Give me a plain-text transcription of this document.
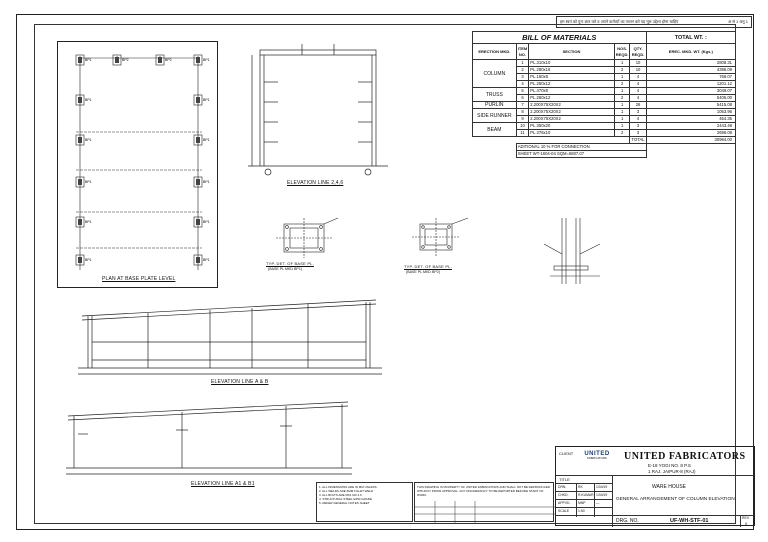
हम स्वयं को पुनः ज्ञात करे व अपने कर्तव्यों का पालन करे यह मूल उद्देश्य होना चाहिए	अ सं 1 अनु 1
BILL OF MATERIALS					TOTAL WT. :
ERECTION MKD.	ITEM NO.	SECTION	NOS. REQD.	QTY. REQD.	EREC. MKD. WT. (Kgs.)
COLUMN	1	PL.310x10	1	10	2808.31
	2	PL.280x16	2	10	4396.09
	3	PL.160x8	1	4	768.07
	4	PL.250x12	2	4	1201.12
TRUSS	5	PL.470x8	1	4	3049.07
	6	PL.260x12	2	4	5405.00
PURLIN	7	2.200X75X20X2	1	26	5415.08
SIDE RUNNER	8	2.200X75X20X2	1	3	1053.96
	9	2.200X75X20X2	1	4	454.35
BEAM	10	PL.350x20	1	3	2443.48
	11	PL.376x10	2	3	2696.09
				TOTAL	30994.00
	ADITIONAL 10 % FOR CONNECTION				
	SHEET WT-1604-04 SQM=5807.07				
BP1	BP2	BP2	BP1
BP1	BP1
BP1	BP1
BP1	BP1
BP1	BP1
BP1	BP1
PLAN AT BASE PLATE LEVEL
ELEVATION LINE 2,4,6
TYP. DET. OF BASE PL.
(BASE PL MKD BP1)	TYP. DET. OF BASE PL.
(BASE PL MKD BP2)
ELEVATION LINE A & B
ELEVATION LINE A1 & B1	1. ALL DIMENSIONS ARE IN MM UNLESS
2. ALL WELDS ARE 6MM FILLET WELD
3. ALL BOLTS ARE M16 GR 4.6
4. STRUCTURAL STEEL E250 GRADE
5. REFER GENERAL NOTES SHEET
THIS DRAWING IS PROPERTY OF UNITED FABRICATORS AND SHALL NOT BE REPRODUCED WITHOUT PRIOR APPROVAL. ANY DISCREPANCY TO BE REPORTED BEFORE START OF WORK.
CLIENT	UNITED
FABRICATORS	UNITED FABRICATORS
E-18 YOGI NO. 8 P.S
1 RAJ. JAIPUR-8 (RAJ)
TITLE
DRN.	RK	1/04/19
CHKD.	R.KUMAR 1/04/19
APPVD. MNP	—
SCALE	1:50
WARE HOUSE
GENERAL ARRANGEMENT OF COLUMN ELEVATION
DRG. NO.	UF-WH-STF-01	REV.
0
